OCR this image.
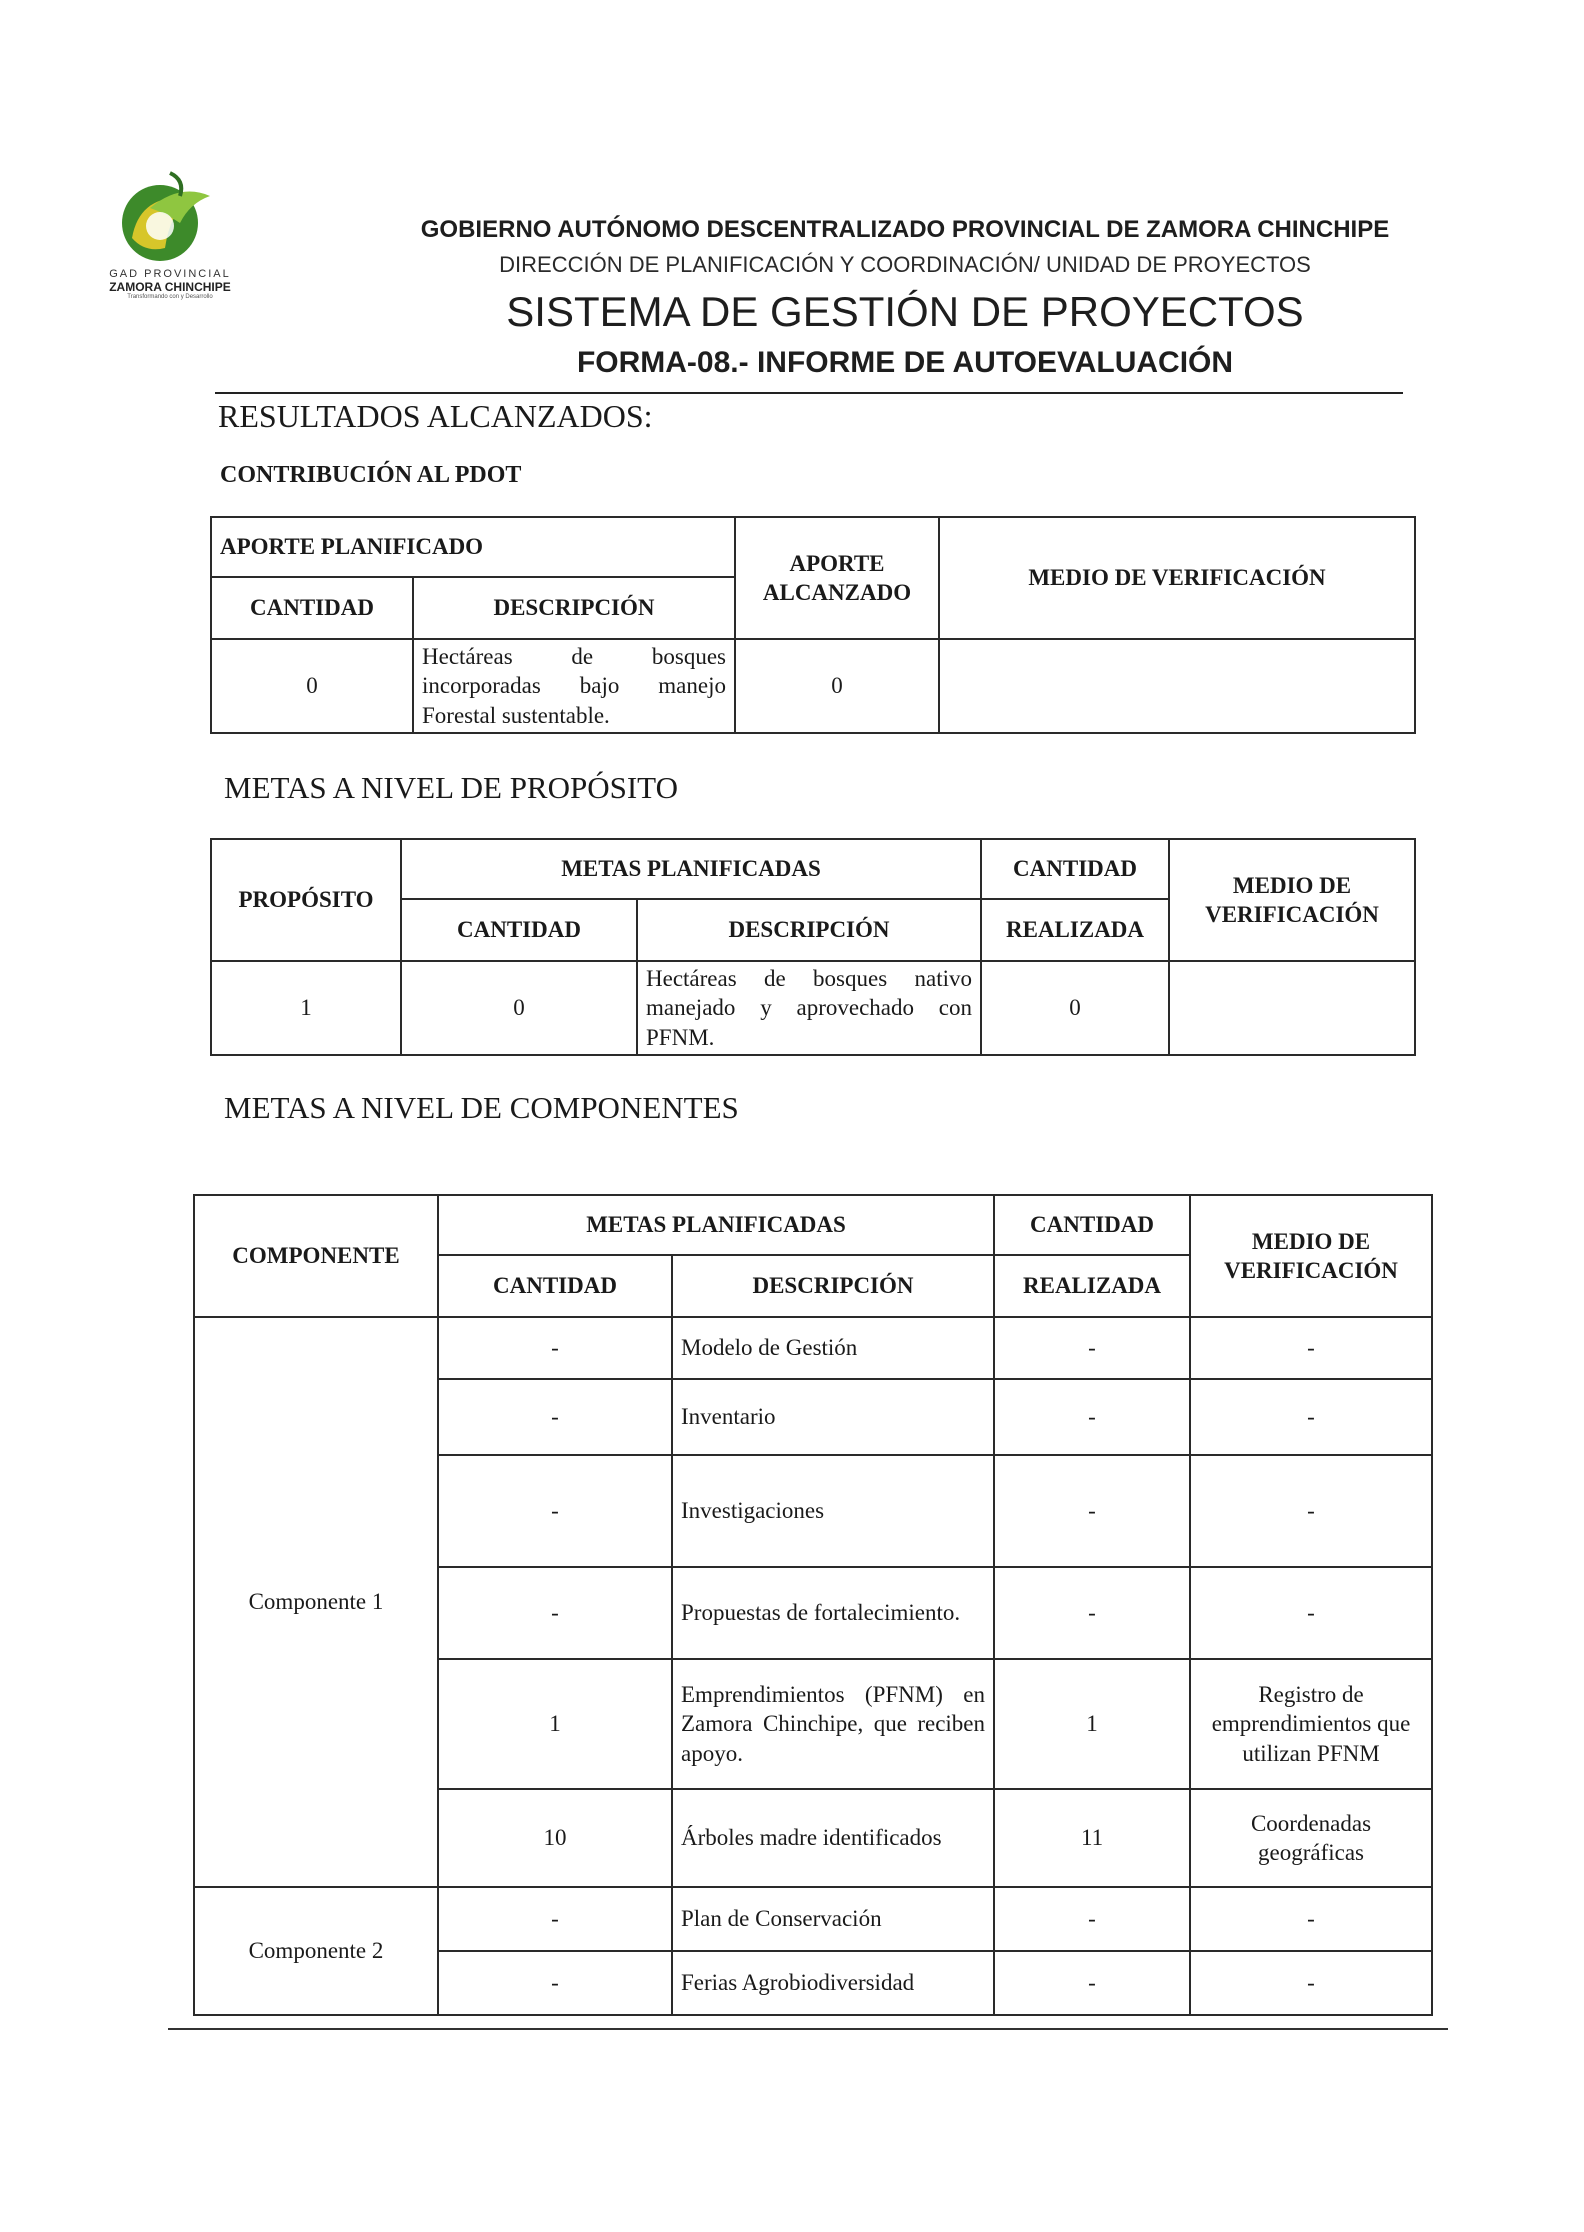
GAD PROVINCIAL
ZAMORA CHINCHIPE
Transformando con y Desarrollo
GOBIERNO AUTÓNOMO DESCENTRALIZADO PROVINCIAL DE ZAMORA CHINCHIPE
DIRECCIÓN DE PLANIFICACIÓN Y COORDINACIÓN/ UNIDAD DE PROYECTOS
SISTEMA DE GESTIÓN DE PROYECTOS
FORMA-08.- INFORME DE AUTOEVALUACIÓN
RESULTADOS ALCANZADOS:
CONTRIBUCIÓN AL PDOT
APORTE PLANIFICADO		APORTE ALCANZADO	MEDIO DE VERIFICACIÓN
CANTIDAD	DESCRIPCIÓN		
0	Hectáreas de bosques incorporadas bajo manejo Forestal sustentable.	0	
METAS A NIVEL DE PROPÓSITO
PROPÓSITO	METAS PLANIFICADAS		CANTIDAD	MEDIO DE VERIFICACIÓN
	CANTIDAD	DESCRIPCIÓN	REALIZADA	
1	0	Hectáreas de bosques nativo manejado y aprovechado con PFNM.	0	
METAS A NIVEL DE COMPONENTES
COMPONENTE	METAS PLANIFICADAS		CANTIDAD	MEDIO DE VERIFICACIÓN
	CANTIDAD	DESCRIPCIÓN	REALIZADA	
Componente 1	-	Modelo de Gestión	-	-
	-	Inventario	-	-
	-	Investigaciones	-	-
	-	Propuestas de fortalecimiento.	-	-
	1	Emprendimientos (PFNM) en Zamora Chinchipe, que reciben apoyo.	1	Registro de emprendimientos que utilizan PFNM
	10	Árboles madre identificados	11	Coordenadas geográficas
Componente 2	-	Plan de Conservación	-	-
	-	Ferias Agrobiodiversidad	-	-
